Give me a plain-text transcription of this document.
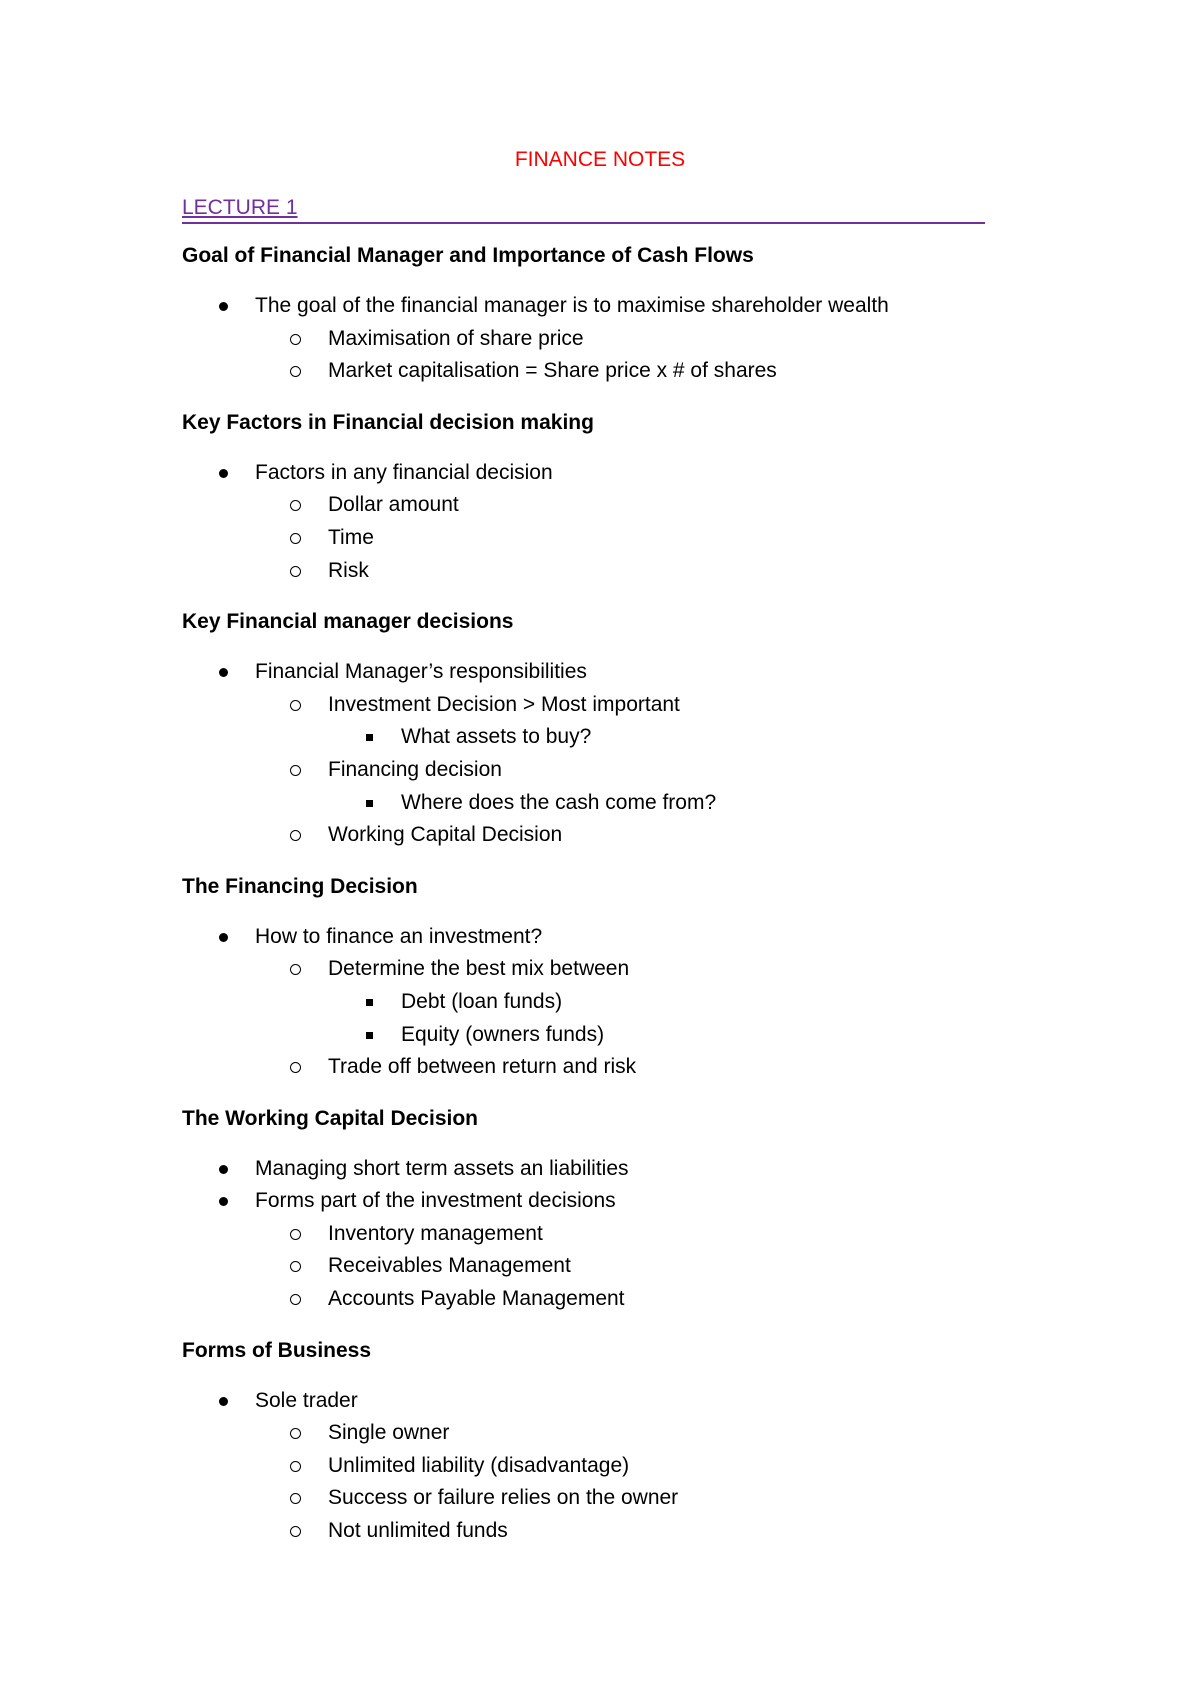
FINANCE NOTES
LECTURE 1
Goal of Financial Manager and Importance of Cash Flows
The goal of the financial manager is to maximise shareholder wealth
Maximisation of share price
Market capitalisation = Share price x # of shares
Key Factors in Financial decision making
Factors in any financial decision
Dollar amount
Time
Risk
Key Financial manager decisions
Financial Manager’s responsibilities
Investment Decision > Most important
What assets to buy?
Financing decision
Where does the cash come from?
Working Capital Decision
The Financing Decision
How to finance an investment?
Determine the best mix between
Debt (loan funds)
Equity (owners funds)
Trade off between return and risk
The Working Capital Decision
Managing short term assets an liabilities
Forms part of the investment decisions
Inventory management
Receivables Management
Accounts Payable Management
Forms of Business
Sole trader
Single owner
Unlimited liability (disadvantage)
Success or failure relies on the owner
Not unlimited funds
